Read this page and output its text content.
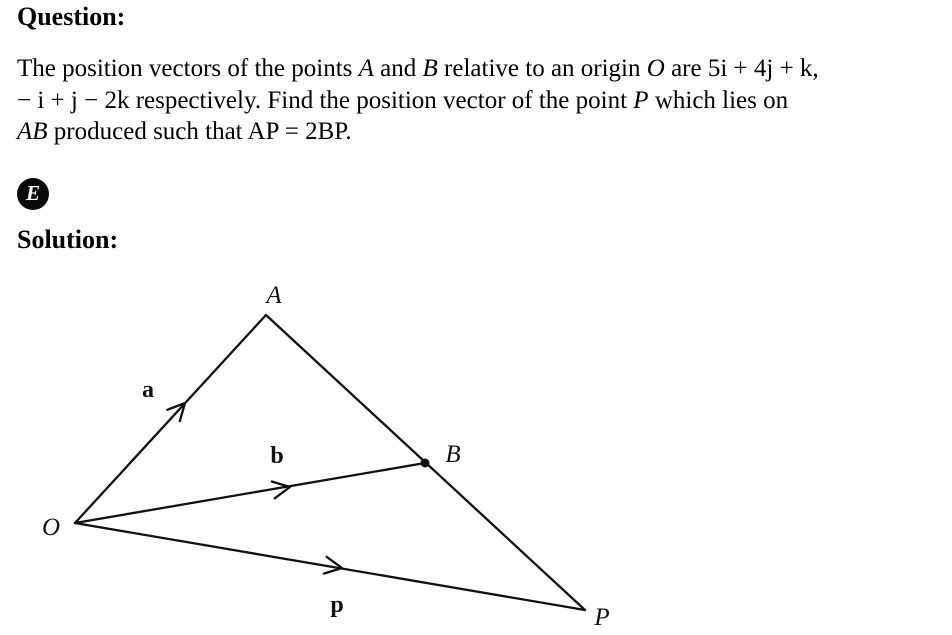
Question:
The position vectors of the points A and B relative to an origin O are 5i + 4j + k,
− i + j − 2k respectively. Find the position vector of the point P which lies on
AB produced such that AP = 2BP.
E
Solution:
O
A
B
P
a
b
p
